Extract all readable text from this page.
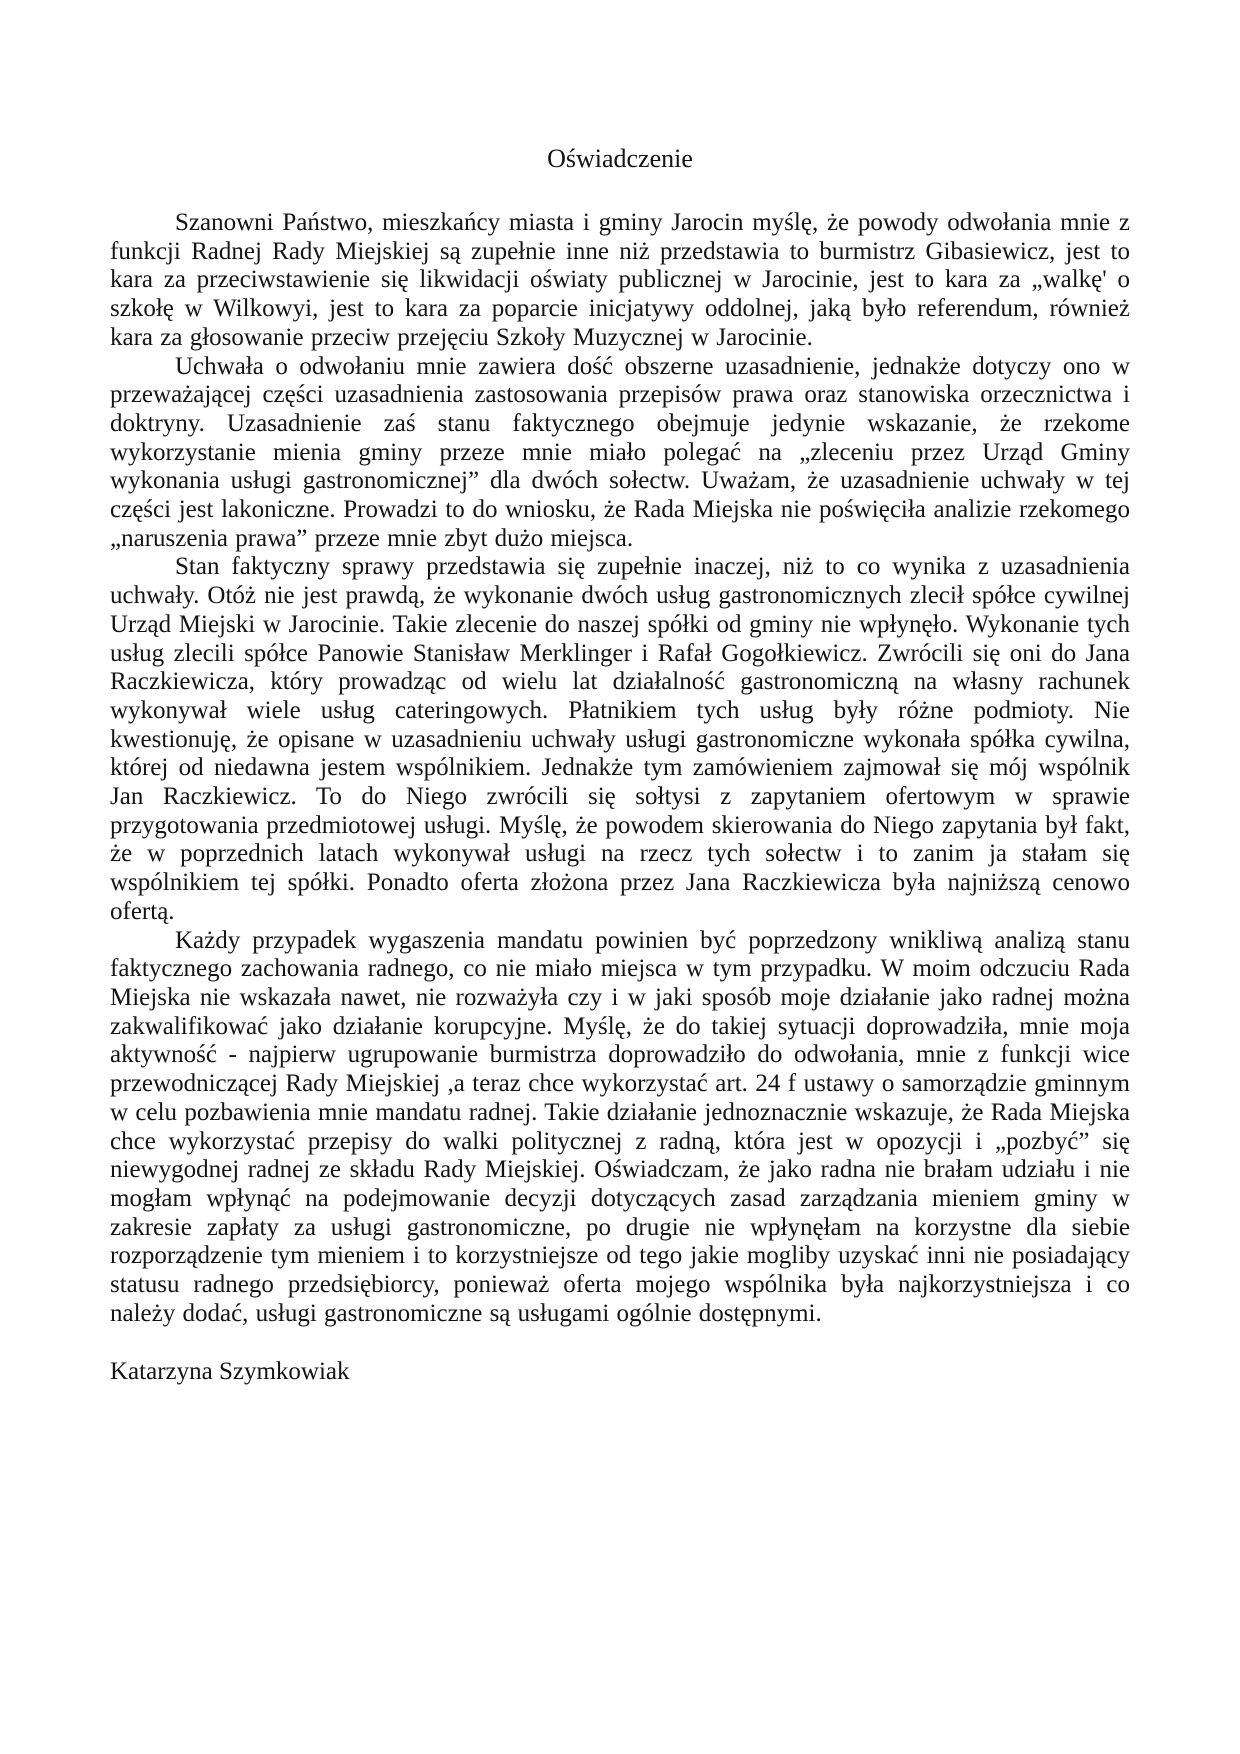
Oświadczenie

Szanowni Państwo, mieszkańcy miasta i gminy Jarocin myślę, że powody odwołania mnie z funkcji Radnej Rady Miejskiej są zupełnie inne niż przedstawia to burmistrz Gibasiewicz, jest to kara za przeciwstawienie się likwidacji oświaty publicznej w Jarocinie, jest to kara za „walkę' o szkołę w Wilkowyi, jest to kara za poparcie inicjatywy oddolnej, jaką było referendum, również kara za głosowanie przeciw przejęciu Szkoły Muzycznej w Jarocinie.

Uchwała o odwołaniu mnie zawiera dość obszerne uzasadnienie, jednakże dotyczy ono w przeważającej części uzasadnienia zastosowania przepisów prawa oraz stanowiska orzecznictwa i doktryny. Uzasadnienie zaś stanu faktycznego obejmuje jedynie wskazanie, że rzekome wykorzystanie mienia gminy przeze mnie miało polegać na „zleceniu przez Urząd Gminy wykonania usługi gastronomicznej” dla dwóch sołectw. Uważam, że uzasadnienie uchwały w tej części jest lakoniczne. Prowadzi to do wniosku, że Rada Miejska nie poświęciła analizie rzekomego „naruszenia prawa” przeze mnie zbyt dużo miejsca.

Stan faktyczny sprawy przedstawia się zupełnie inaczej, niż to co wynika z uzasadnienia uchwały. Otóż nie jest prawdą, że wykonanie dwóch usług gastronomicznych zlecił spółce cywilnej Urząd Miejski w Jarocinie. Takie zlecenie do naszej spółki od gminy nie wpłynęło. Wykonanie tych usług zlecili spółce Panowie Stanisław Merklinger i Rafał Gogołkiewicz. Zwrócili się oni do Jana Raczkiewicza, który prowadząc od wielu lat działalność gastronomiczną na własny rachunek wykonywał wiele usług cateringowych. Płatnikiem tych usług były różne podmioty. Nie kwestionuję, że opisane w uzasadnieniu uchwały usługi gastronomiczne wykonała spółka cywilna, której od niedawna jestem wspólnikiem. Jednakże tym zamówieniem zajmował się mój wspólnik Jan Raczkiewicz. To do Niego zwrócili się sołtysi z zapytaniem ofertowym w sprawie przygotowania przedmiotowej usługi. Myślę, że powodem skierowania do Niego zapytania był fakt, że w poprzednich latach wykonywał usługi na rzecz tych sołectw i to zanim ja stałam się wspólnikiem tej spółki. Ponadto oferta złożona przez Jana Raczkiewicza była najniższą cenowo ofertą.

Każdy przypadek wygaszenia mandatu powinien być poprzedzony wnikliwą analizą stanu faktycznego zachowania radnego, co nie miało miejsca w tym przypadku. W moim odczuciu Rada Miejska nie wskazała nawet, nie rozważyła czy i w jaki sposób moje działanie jako radnej można zakwalifikować jako działanie korupcyjne. Myślę, że do takiej sytuacji doprowadziła, mnie moja aktywność - najpierw ugrupowanie burmistrza doprowadziło do odwołania, mnie z funkcji wice przewodniczącej Rady Miejskiej ,a teraz chce wykorzystać art. 24 f ustawy o samorządzie gminnym w celu pozbawienia mnie mandatu radnej. Takie działanie jednoznacznie wskazuje, że Rada Miejska chce wykorzystać przepisy do walki politycznej z radną, która jest w opozycji i „pozbyć” się niewygodnej radnej ze składu Rady Miejskiej. Oświadczam, że jako radna nie brałam udziału i nie mogłam wpłynąć na podejmowanie decyzji dotyczących zasad zarządzania mieniem gminy w zakresie zapłaty za usługi gastronomiczne, po drugie nie wpłynęłam na korzystne dla siebie rozporządzenie tym mieniem i to korzystniejsze od tego jakie mogliby uzyskać inni nie posiadający statusu radnego przedsiębiorcy, ponieważ oferta mojego wspólnika była najkorzystniejsza i co należy dodać, usługi gastronomiczne są usługami ogólnie dostępnymi.

Katarzyna Szymkowiak
